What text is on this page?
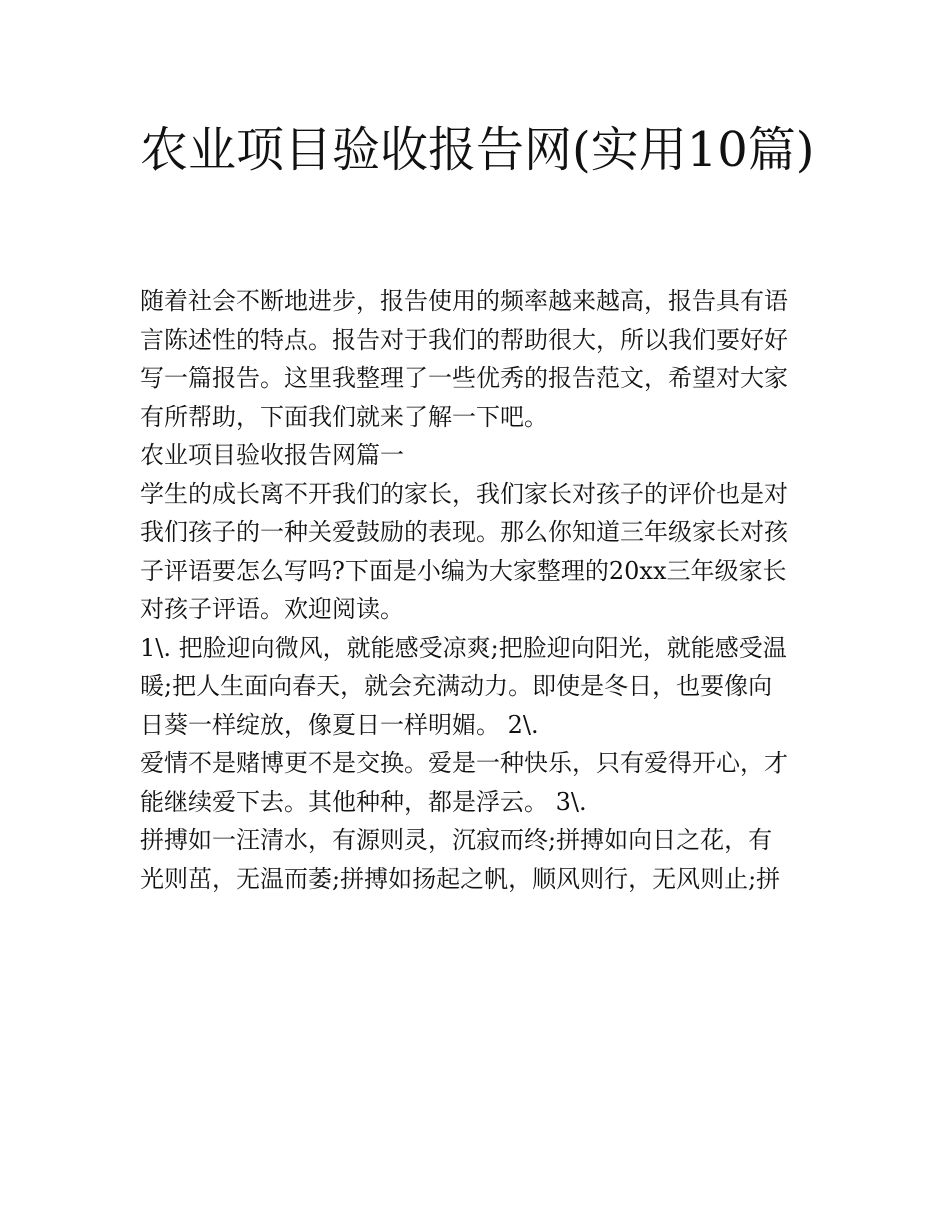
农业项目验收报告网(实用10篇)

随着社会不断地进步，报告使用的频率越来越高，报告具有语

言陈述性的特点。报告对于我们的帮助很大，所以我们要好好

写一篇报告。这里我整理了一些优秀的报告范文，希望对大家

有所帮助，下面我们就来了解一下吧。

农业项目验收报告网篇一

学生的成长离不开我们的家长，我们家长对孩子的评价也是对

我们孩子的一种关爱鼓励的表现。那么你知道三年级家长对孩

子评语要怎么写吗?下面是小编为大家整理的20xx三年级家长

对孩子评语。欢迎阅读。

1\. 把脸迎向微风，就能感受凉爽;把脸迎向阳光，就能感受温

暖;把人生面向春天，就会充满动力。即使是冬日，也要像向

日葵一样绽放，像夏日一样明媚。 2\.

爱情不是赌博更不是交换。爱是一种快乐，只有爱得开心，才

能继续爱下去。其他种种，都是浮云。 3\.

拼搏如一汪清水，有源则灵，沉寂而终;拼搏如向日之花，有

光则茁，无温而萎;拼搏如扬起之帆，顺风则行，无风则止;拼
